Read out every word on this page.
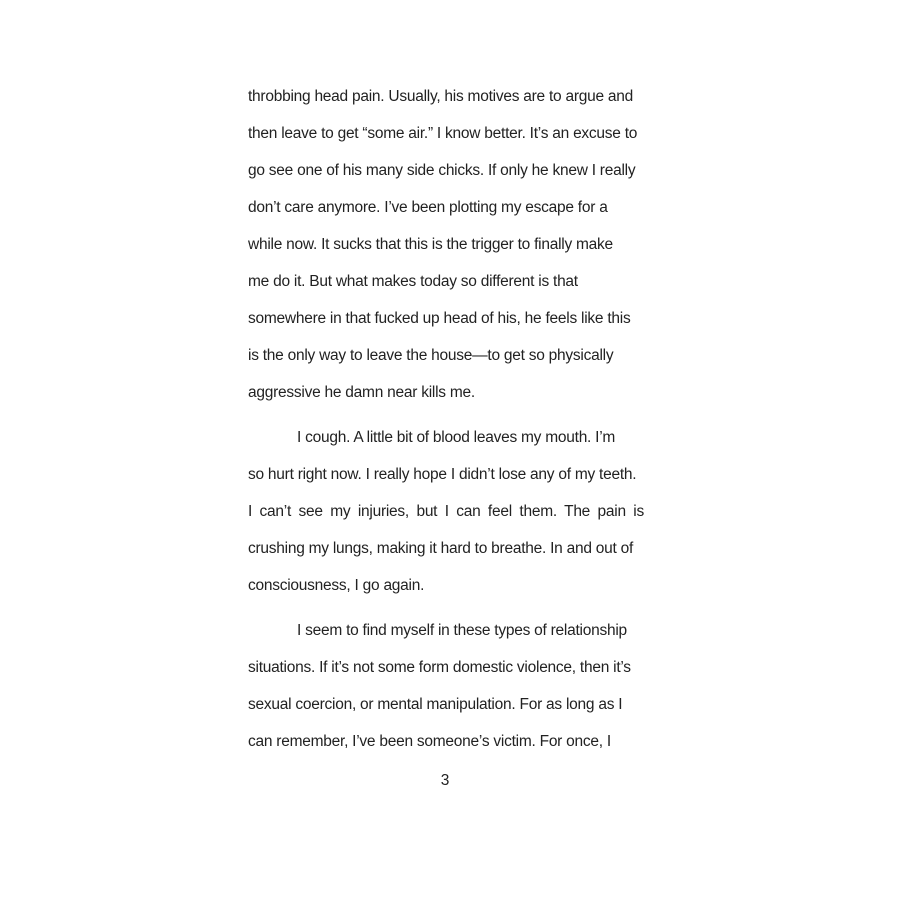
throbbing head pain. Usually, his motives are to argue and
then leave to get “some air.” I know better. It’s an excuse to
go see one of his many side chicks. If only he knew I really
don’t care anymore. I’ve been plotting my escape for a
while now. It sucks that this is the trigger to finally make
me do it. But what makes today so different is that
somewhere in that fucked up head of his, he feels like this
is the only way to leave the house—to get so physically
aggressive he damn near kills me.
I cough. A little bit of blood leaves my mouth. I’m
so hurt right now. I really hope I didn’t lose any of my teeth.
I can’t see my injuries, but I can feel them. The pain is
crushing my lungs, making it hard to breathe. In and out of
consciousness, I go again.
I seem to find myself in these types of relationship
situations. If it’s not some form domestic violence, then it’s
sexual coercion, or mental manipulation. For as long as I
can remember, I’ve been someone’s victim. For once, I
3
